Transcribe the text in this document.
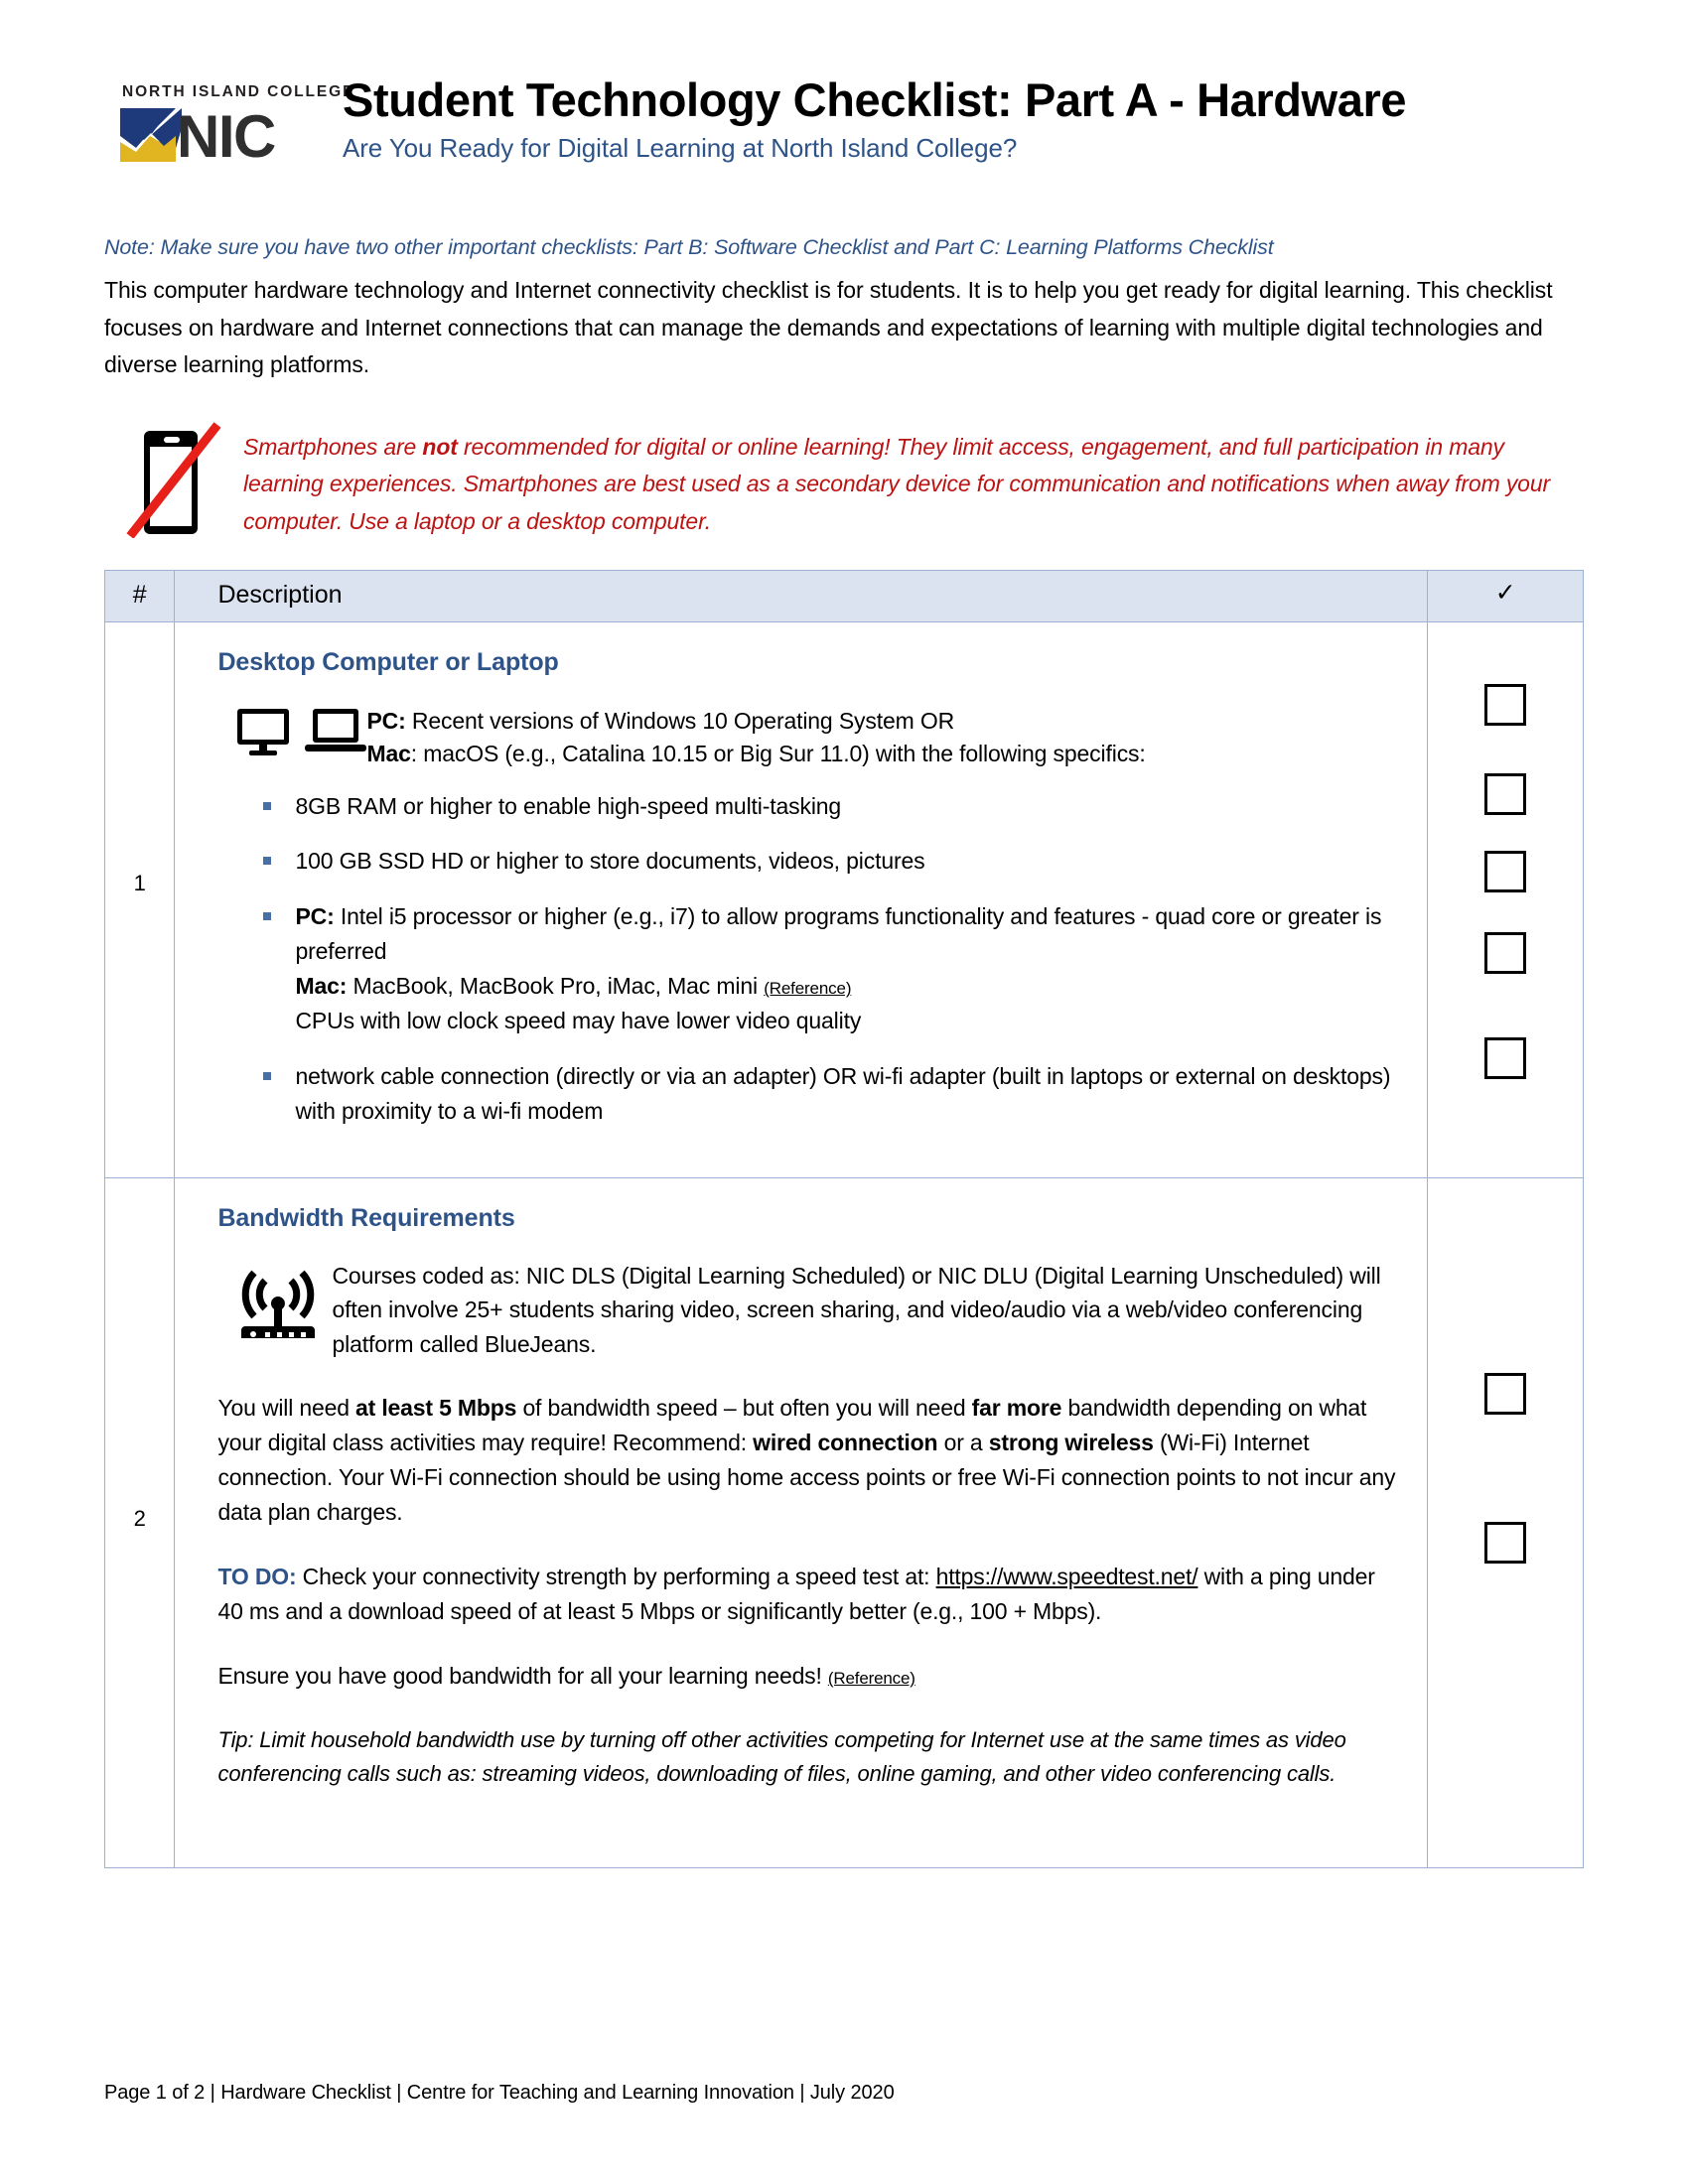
NORTH ISLAND COLLEGE
NIC
Student Technology Checklist: Part A - Hardware
Are You Ready for Digital Learning at North Island College?
Note: Make sure you have two other important checklists: Part B: Software Checklist and Part C: Learning Platforms Checklist
This computer hardware technology and Internet connectivity checklist is for students. It is to help you get ready for digital learning. This checklist focuses on hardware and Internet connections that can manage the demands and expectations of learning with multiple digital technologies and diverse learning platforms.
Smartphones are not recommended for digital or online learning! They limit access, engagement, and full participation in many learning experiences. Smartphones are best used as a secondary device for communication and notifications when away from your computer. Use a laptop or a desktop computer.
#	Description	✓

1

Desktop Computer or Laptop
PC: Recent versions of Windows 10 Operating System OR
Mac: macOS (e.g., Catalina 10.15 or Big Sur 11.0) with the following specifics:
8GB RAM or higher to enable high-speed multi-tasking
100 GB SSD HD or higher to store documents, videos, pictures
PC: Intel i5 processor or higher (e.g., i7) to allow programs functionality and features - quad core or greater is preferred
Mac: MacBook, MacBook Pro, iMac, Mac mini (Reference)
CPUs with low clock speed may have lower video quality
network cable connection (directly or via an adapter) OR wi-fi adapter (built in laptops or external on desktops) with proximity to a wi-fi modem

2

Bandwidth Requirements
Courses coded as: NIC DLS (Digital Learning Scheduled) or NIC DLU (Digital Learning Unscheduled) will often involve 25+ students sharing video, screen sharing, and video/audio via a web/video conferencing platform called BlueJeans.
You will need at least 5 Mbps of bandwidth speed – but often you will need far more bandwidth depending on what your digital class activities may require! Recommend: wired connection or a strong wireless (Wi-Fi) Internet connection. Your Wi-Fi connection should be using home access points or free Wi-Fi connection points to not incur any data plan charges.
TO DO: Check your connectivity strength by performing a speed test at: https://www.speedtest.net/ with a ping under 40 ms and a download speed of at least 5 Mbps or significantly better (e.g., 100 + Mbps).
Ensure you have good bandwidth for all your learning needs! (Reference)
Tip: Limit household bandwidth use by turning off other activities competing for Internet use at the same times as video conferencing calls such as: streaming videos, downloading of files, online gaming, and other video conferencing calls.

Page 1 of 2 | Hardware Checklist | Centre for Teaching and Learning Innovation | July 2020
